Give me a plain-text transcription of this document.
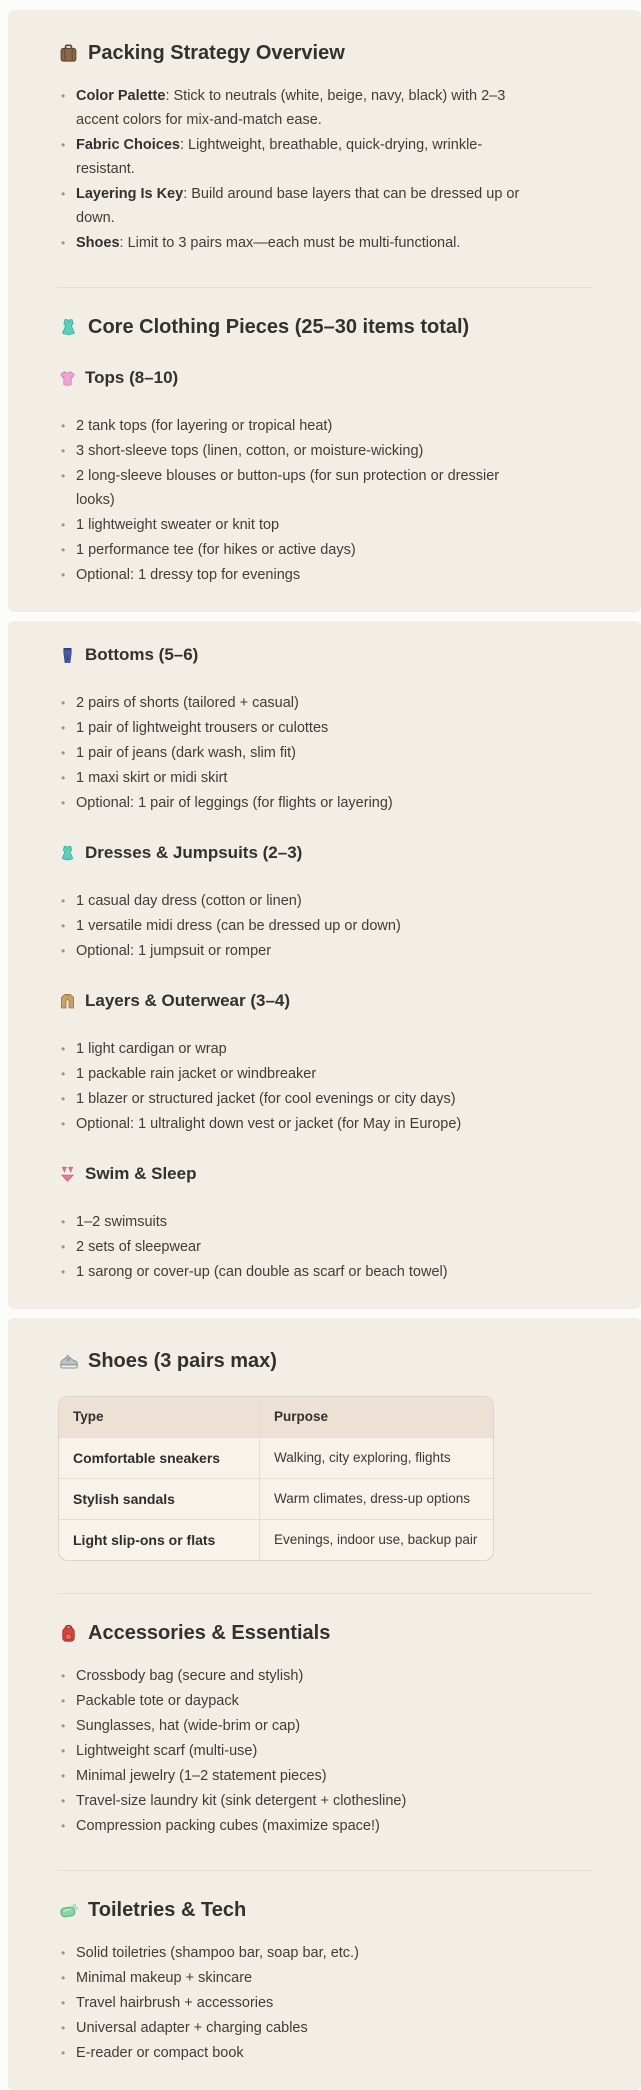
Packing Strategy Overview
• Color Palette: Stick to neutrals (white, beige, navy, black) with 2–3 accent colors for mix-and-match ease.
• Fabric Choices: Lightweight, breathable, quick-drying, wrinkle-resistant.
• Layering Is Key: Build around base layers that can be dressed up or down.
• Shoes: Limit to 3 pairs max—each must be multi-functional.
Core Clothing Pieces (25–30 items total)
Tops (8–10)
• 2 tank tops (for layering or tropical heat)
• 3 short-sleeve tops (linen, cotton, or moisture-wicking)
• 2 long-sleeve blouses or button-ups (for sun protection or dressier looks)
• 1 lightweight sweater or knit top
• 1 performance tee (for hikes or active days)
• Optional: 1 dressy top for evenings
Bottoms (5–6)
• 2 pairs of shorts (tailored + casual)
• 1 pair of lightweight trousers or culottes
• 1 pair of jeans (dark wash, slim fit)
• 1 maxi skirt or midi skirt
• Optional: 1 pair of leggings (for flights or layering)
Dresses & Jumpsuits (2–3)
• 1 casual day dress (cotton or linen)
• 1 versatile midi dress (can be dressed up or down)
• Optional: 1 jumpsuit or romper
Layers & Outerwear (3–4)
• 1 light cardigan or wrap
• 1 packable rain jacket or windbreaker
• 1 blazer or structured jacket (for cool evenings or city days)
• Optional: 1 ultralight down vest or jacket (for May in Europe)
Swim & Sleep
• 1–2 swimsuits
• 2 sets of sleepwear
• 1 sarong or cover-up (can double as scarf or beach towel)
Shoes (3 pairs max)
Type	Purpose
Comfortable sneakers	Walking, city exploring, flights
Stylish sandals	Warm climates, dress-up options
Light slip-ons or flats	Evenings, indoor use, backup pair
Accessories & Essentials
• Crossbody bag (secure and stylish)
• Packable tote or daypack
• Sunglasses, hat (wide-brim or cap)
• Lightweight scarf (multi-use)
• Minimal jewelry (1–2 statement pieces)
• Travel-size laundry kit (sink detergent + clothesline)
• Compression packing cubes (maximize space!)
Toiletries & Tech
• Solid toiletries (shampoo bar, soap bar, etc.)
• Minimal makeup + skincare
• Travel hairbrush + accessories
• Universal adapter + charging cables
• E-reader or compact book
